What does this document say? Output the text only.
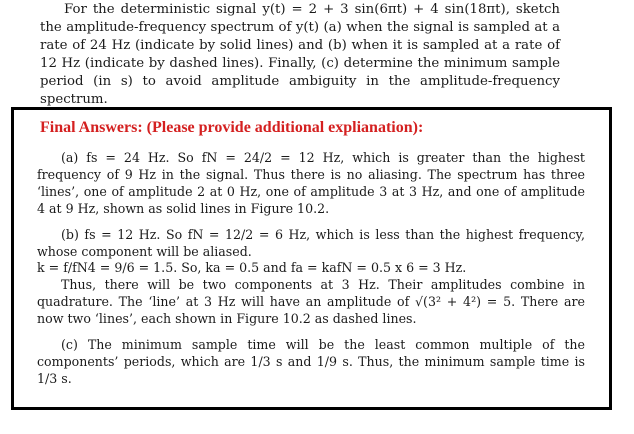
For the deterministic signal y(t) = 2 + 3 sin(6πt) + 4 sin(18πt), sketch the amplitude-frequency spectrum of y(t) (a) when the signal is sampled at a rate of 24 Hz (indicate by solid lines) and (b) when it is sampled at a rate of 12 Hz (indicate by dashed lines). Finally, (c) determine the minimum sample period (in s) to avoid amplitude ambiguity in the amplitude-frequency spectrum.

Final Answers: (Please provide additional explianation):

(a) fs = 24 Hz. So fN = 24/2 = 12 Hz, which is greater than the highest frequency of 9 Hz in the signal. Thus there is no aliasing. The spectrum has three ‘lines’, one of amplitude 2 at 0 Hz, one of amplitude 3 at 3 Hz, and one of amplitude 4 at 9 Hz, shown as solid lines in Figure 10.2.

(b) fs = 12 Hz. So fN = 12/2 = 6 Hz, which is less than the highest frequency, whose component will be aliased.

k = f/fN4 = 9/6 = 1.5. So, ka = 0.5 and fa = kafN = 0.5 x 6 = 3 Hz.

Thus, there will be two components at 3 Hz. Their amplitudes combine in quadrature. The ‘line’ at 3 Hz will have an amplitude of √(3² + 4²) = 5. There are now two ‘lines’, each shown in Figure 10.2 as dashed lines.

(c) The minimum sample time will be the least common multiple of the components’ periods, which are 1/3 s and 1/9 s. Thus, the minimum sample time is 1/3 s.
